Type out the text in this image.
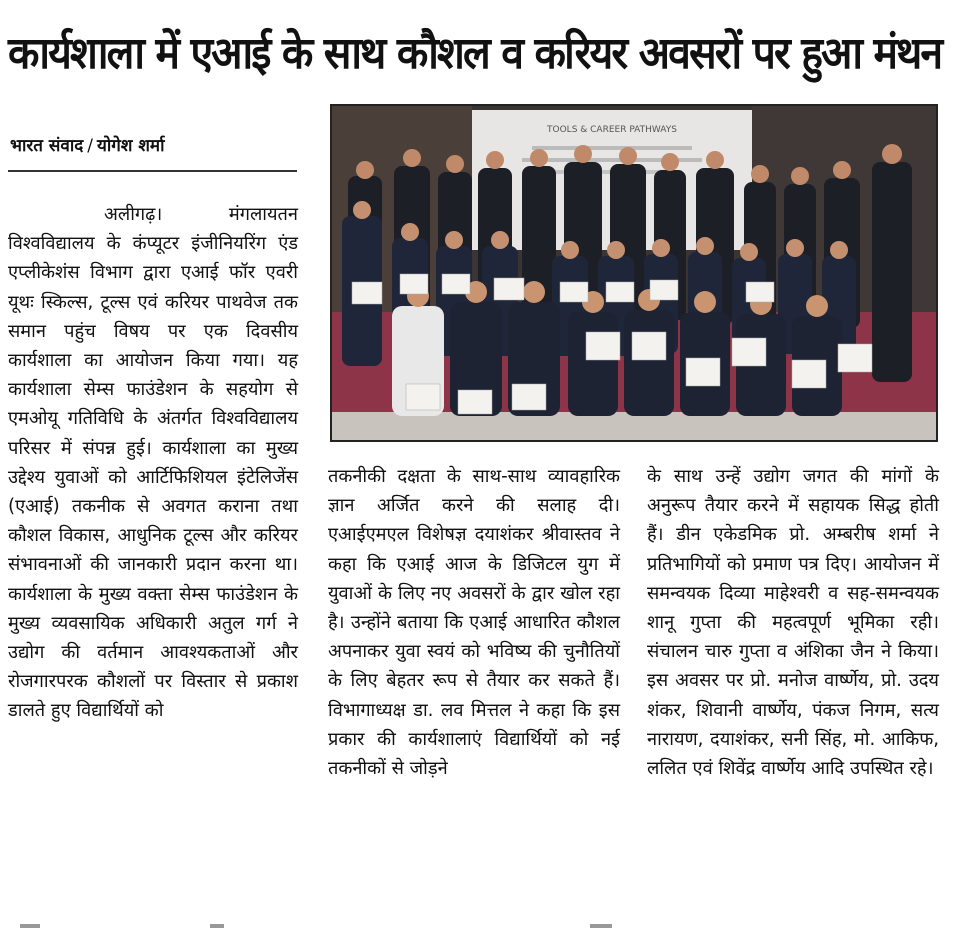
कार्यशाला में एआई के साथ कौशल व करियर अवसरों पर हुआ मंथन
भारत संवाद / योगेश शर्मा

अलीगढ़। मंगलायतन विश्वविद्यालय के कंप्यूटर इंजीनियरिंग एंड एप्लीकेशंस विभाग द्वारा एआई फॉर एवरी यूथः स्किल्स, टूल्स एवं करियर पाथवेज तक समान पहुंच विषय पर एक दिवसीय कार्यशाला का आयोजन किया गया। यह कार्यशाला सेम्स फाउंडेशन के सहयोग से एमओयू गतिविधि के अंतर्गत विश्वविद्यालय परिसर में संपन्न हुई। कार्यशाला का मुख्य उद्देश्य युवाओं को आर्टिफिशियल इंटेलिजेंस (एआई) तकनीक से अवगत कराना तथा कौशल विकास, आधुनिक टूल्स और करियर संभावनाओं की जानकारी प्रदान करना था। कार्यशाला के मुख्य वक्ता सेम्स फाउंडेशन के मुख्य व्यवसायिक अधिकारी अतुल गर्ग ने उद्योग की वर्तमान आवश्यकताओं और रोजगारपरक कौशलों पर विस्तार से प्रकाश डालते हुए विद्यार्थियों को

TOOLS & CAREER PATHWAYS

तकनीकी दक्षता के साथ-साथ व्यावहारिक ज्ञान अर्जित करने की सलाह दी। एआईएमएल विशेषज्ञ दयाशंकर श्रीवास्तव ने कहा कि एआई आज के डिजिटल युग में युवाओं के लिए नए अवसरों के द्वार खोल रहा है। उन्होंने बताया कि एआई आधारित कौशल अपनाकर युवा स्वयं को भविष्य की चुनौतियों के लिए बेहतर रूप से तैयार कर सकते हैं। विभागाध्यक्ष डा. लव मित्तल ने कहा कि इस प्रकार की कार्यशालाएं विद्यार्थियों को नई तकनीकों से जोड़ने

के साथ उन्हें उद्योग जगत की मांगों के अनुरूप तैयार करने में सहायक सिद्ध होती हैं। डीन एकेडमिक प्रो. अम्बरीष शर्मा ने प्रतिभागियों को प्रमाण पत्र दिए। आयोजन में समन्वयक दिव्या माहेश्वरी व सह-समन्वयक शानू गुप्ता की महत्वपूर्ण भूमिका रही। संचालन चारु गुप्ता व अंशिका जैन ने किया। इस अवसर पर प्रो. मनोज वार्ष्णेय, प्रो. उदय शंकर, शिवानी वार्ष्णेय, पंकज निगम, सत्य नारायण, दयाशंकर, सनी सिंह, मो. आकिफ, ललित एवं शिवेंद्र वार्ष्णेय आदि उपस्थित रहे।
